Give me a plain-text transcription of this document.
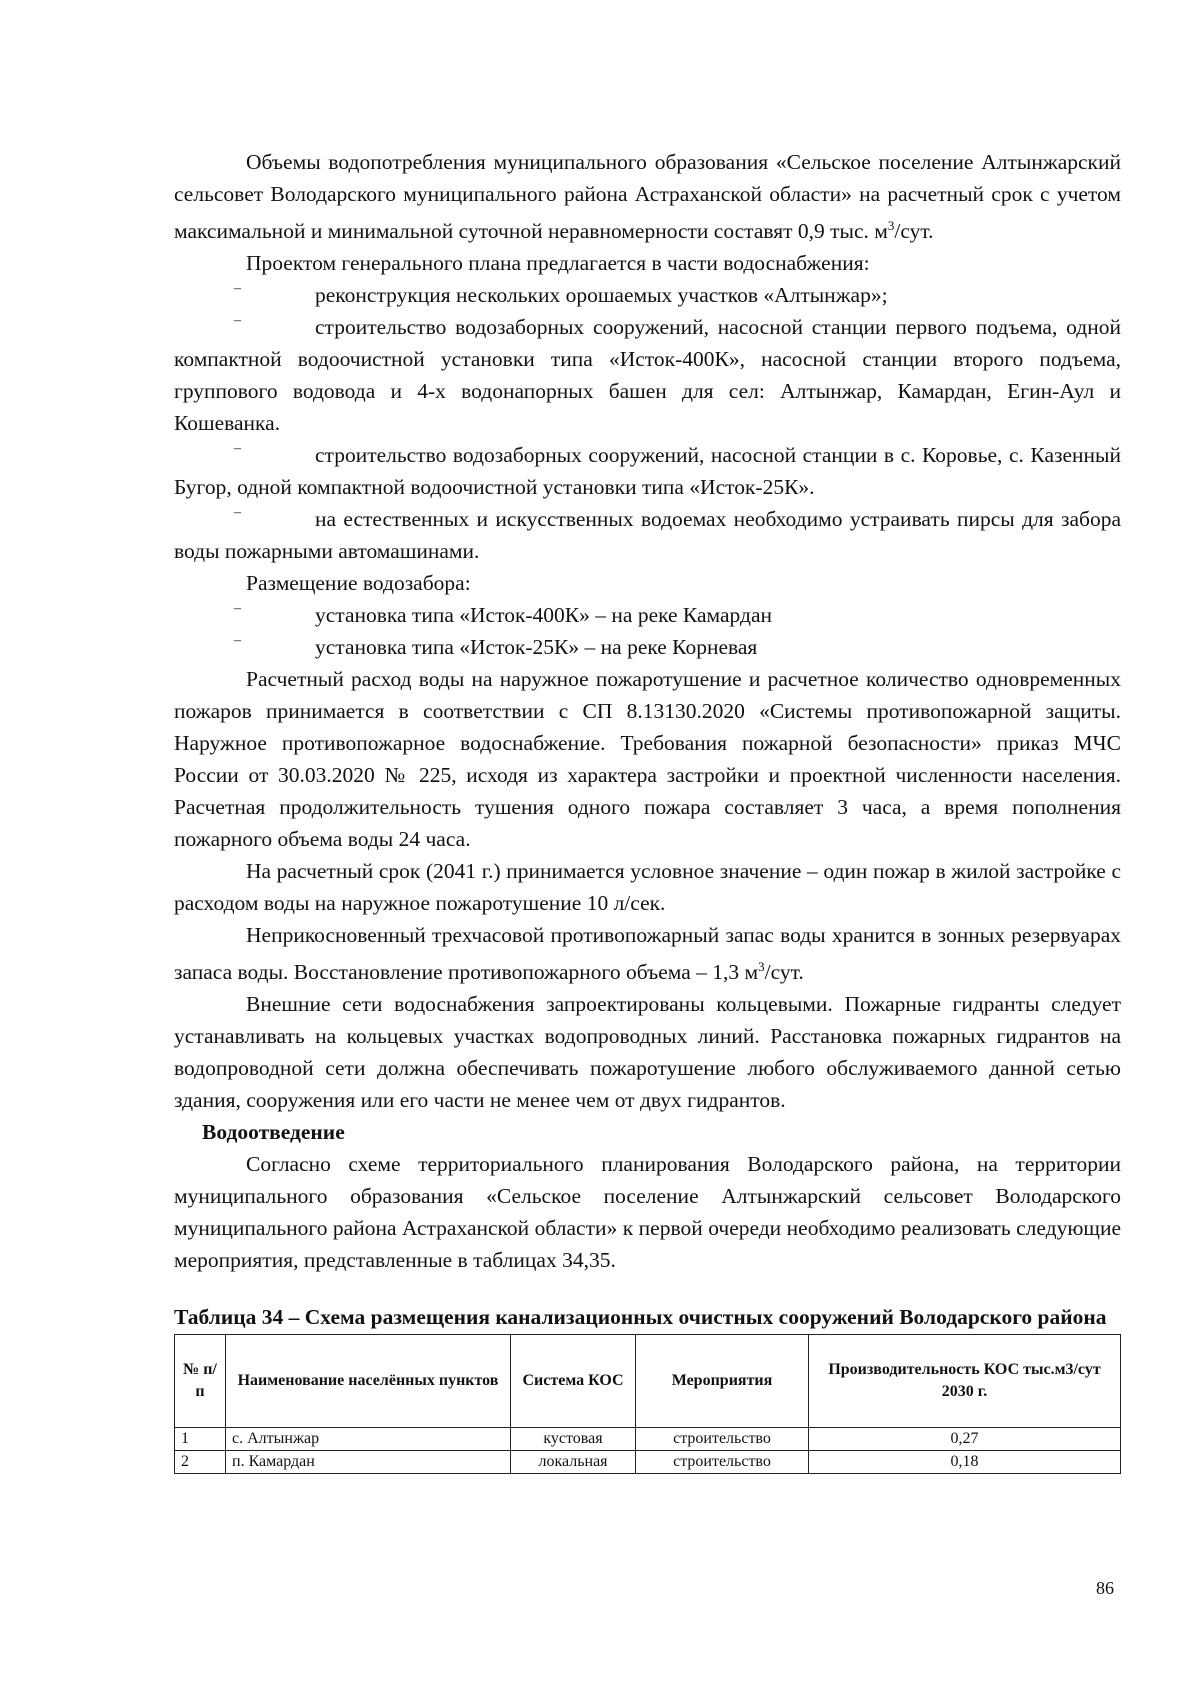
Объемы водопотребления муниципального образования «Сельское поселение Алтынжарский сельсовет Володарского муниципального района Астраханской области» на расчетный срок с учетом максимальной и минимальной суточной неравномерности составят 0,9 тыс. $м^3$/сут.

Проектом генерального плана предлагается в части водоснабжения:

–	реконструкция нескольких орошаемых участков «Алтынжар»;

–	строительство водозаборных сооружений, насосной станции первого подъема, одной компактной водоочистной установки типа «Исток-400К», насосной станции второго подъема, группового водовода и 4-х водонапорных башен для сел: Алтынжар, Камардан, Егин-Аул и Кошеванка.

–	строительство водозаборных сооружений, насосной станции в с. Коровье, с. Казенный Бугор, одной компактной водоочистной установки типа «Исток-25К».

–	на естественных и искусственных водоемах необходимо устраивать пирсы для забора воды пожарными автомашинами.

Размещение водозабора:

–	установка типа «Исток-400К» – на реке Камардан

–	установка типа «Исток-25К» – на реке Корневая

Расчетный расход воды на наружное пожаротушение и расчетное количество одновременных пожаров принимается в соответствии с СП 8.13130.2020 «Системы противопожарной защиты. Наружное противопожарное водоснабжение. Требования пожарной безопасности» приказ МЧС России от 30.03.2020 № 225, исходя из характера застройки и проектной численности населения. Расчетная продолжительность тушения одного пожара составляет 3 часа, а время пополнения пожарного объема воды 24 часа.

На расчетный срок (2041 г.) принимается условное значение – один пожар в жилой застройке с расходом воды на наружное пожаротушение 10 л/сек.

Неприкосновенный трехчасовой противопожарный запас воды хранится в зонных резервуарах запаса воды. Восстановление противопожарного объема – 1,3 $м^3$/сут.

Внешние сети водоснабжения запроектированы кольцевыми. Пожарные гидранты следует устанавливать на кольцевых участках водопроводных линий. Расстановка пожарных гидрантов на водопроводной сети должна обеспечивать пожаротушение любого обслуживаемого данной сетью здания, сооружения или его части не менее чем от двух гидрантов.

Водоотведение

Согласно схеме территориального планирования Володарского района, на территории муниципального образования «Сельское поселение Алтынжарский сельсовет Володарского муниципального района Астраханской области» к первой очереди необходимо реализовать следующие мероприятия, представленные в таблицах 34,35.

Таблица 34 – Схема размещения канализационных очистных сооружений Володарского района
№ п/п	Наименование населённых пунктов	Система КОС	Мероприятия	Производительность КОС тыс.м3/сут 2030 г.
1	с. Алтынжар	кустовая	строительство	0,27
2	п. Камардан	локальная	строительство	0,18
86
